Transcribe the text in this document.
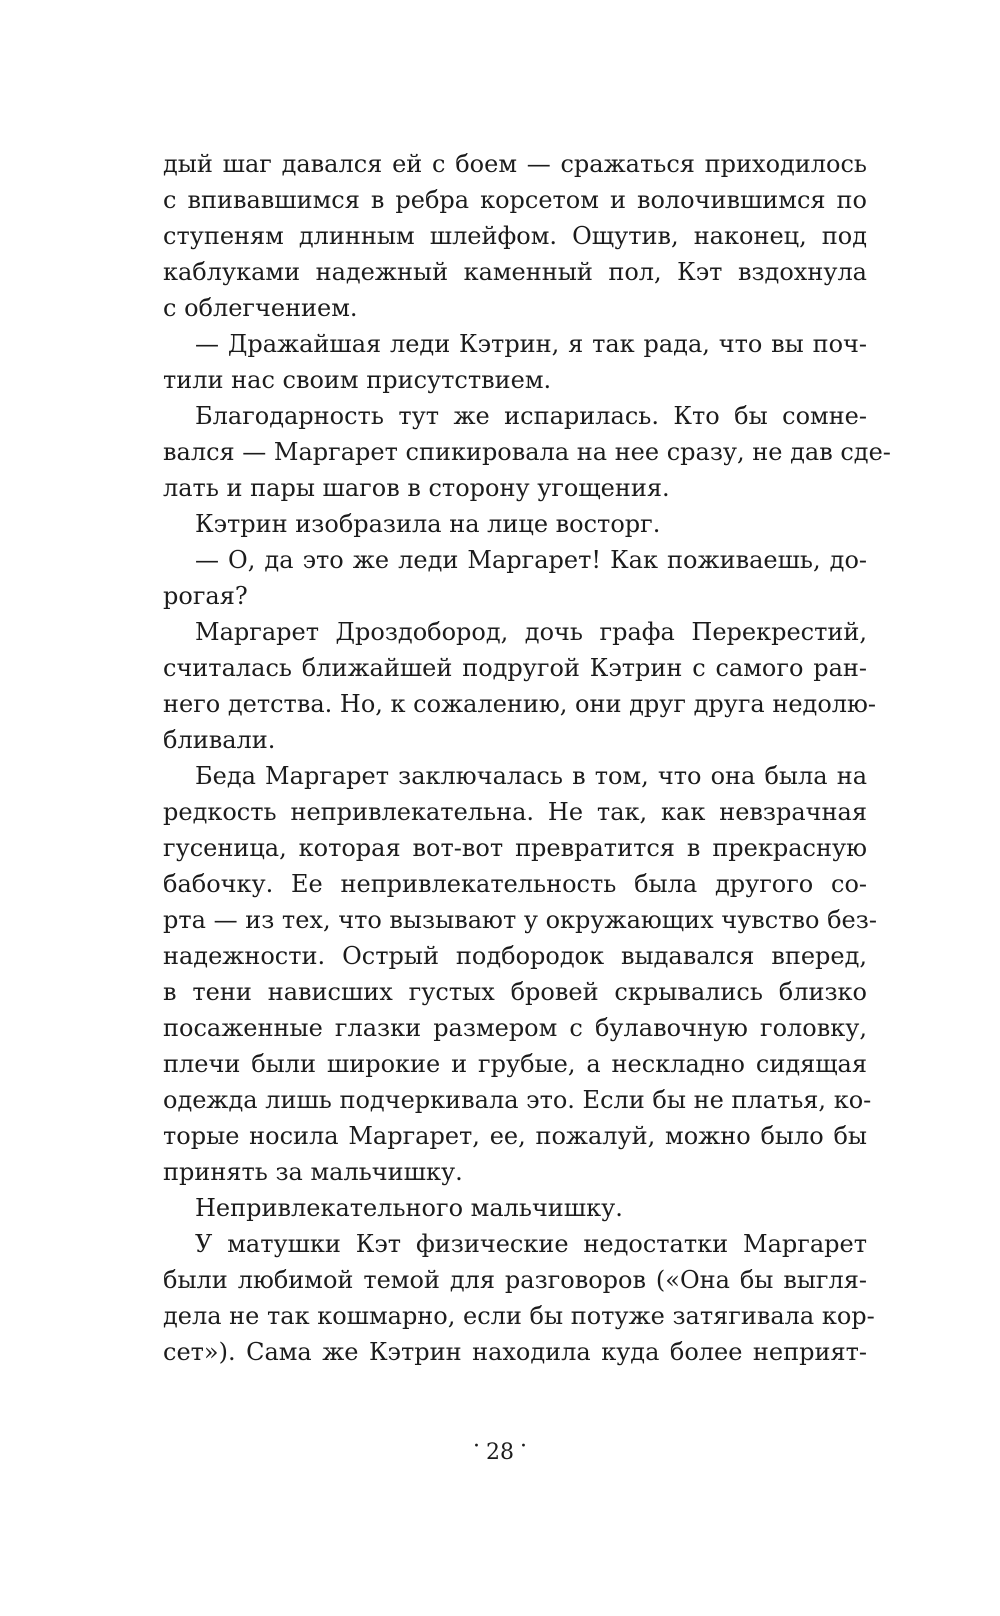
дый шаг давался ей с боем — сражаться приходилось
с впивавшимся в ребра корсетом и волочившимся по
ступеням длинным шлейфом. Ощутив, наконец, под
каблуками надежный каменный пол, Кэт вздохнула
с облегчением.
— Дражайшая леди Кэтрин, я так рада, что вы поч-
тили нас своим присутствием.
Благодарность тут же испарилась. Кто бы сомне-
вался — Маргарет спикировала на нее сразу, не дав сде-
лать и пары шагов в сторону угощения.
Кэтрин изобразила на лице восторг.
— О, да это же леди Маргарет! Как поживаешь, до-
рогая?
Маргарет Дроздобород, дочь графа Перекрестий,
считалась ближайшей подругой Кэтрин с самого ран-
него детства. Но, к сожалению, они друг друга недолю-
бливали.
Беда Маргарет заключалась в том, что она была на
редкость непривлекательна. Не так, как невзрачная
гусеница, которая вот-вот превратится в прекрасную
бабочку. Ее непривлекательность была другого со-
рта — из тех, что вызывают у окружающих чувство без-
надежности. Острый подбородок выдавался вперед,
в тени нависших густых бровей скрывались близко
посаженные глазки размером с булавочную головку,
плечи были широкие и грубые, а нескладно сидящая
одежда лишь подчеркивала это. Если бы не платья, ко-
торые носила Маргарет, ее, пожалуй, можно было бы
принять за мальчишку.
Непривлекательного мальчишку.
У матушки Кэт физические недостатки Маргарет
были любимой темой для разговоров («Она бы выгля-
дела не так кошмарно, если бы потуже затягивала кор-
сет»). Сама же Кэтрин находила куда более неприят-
· 28 ·
